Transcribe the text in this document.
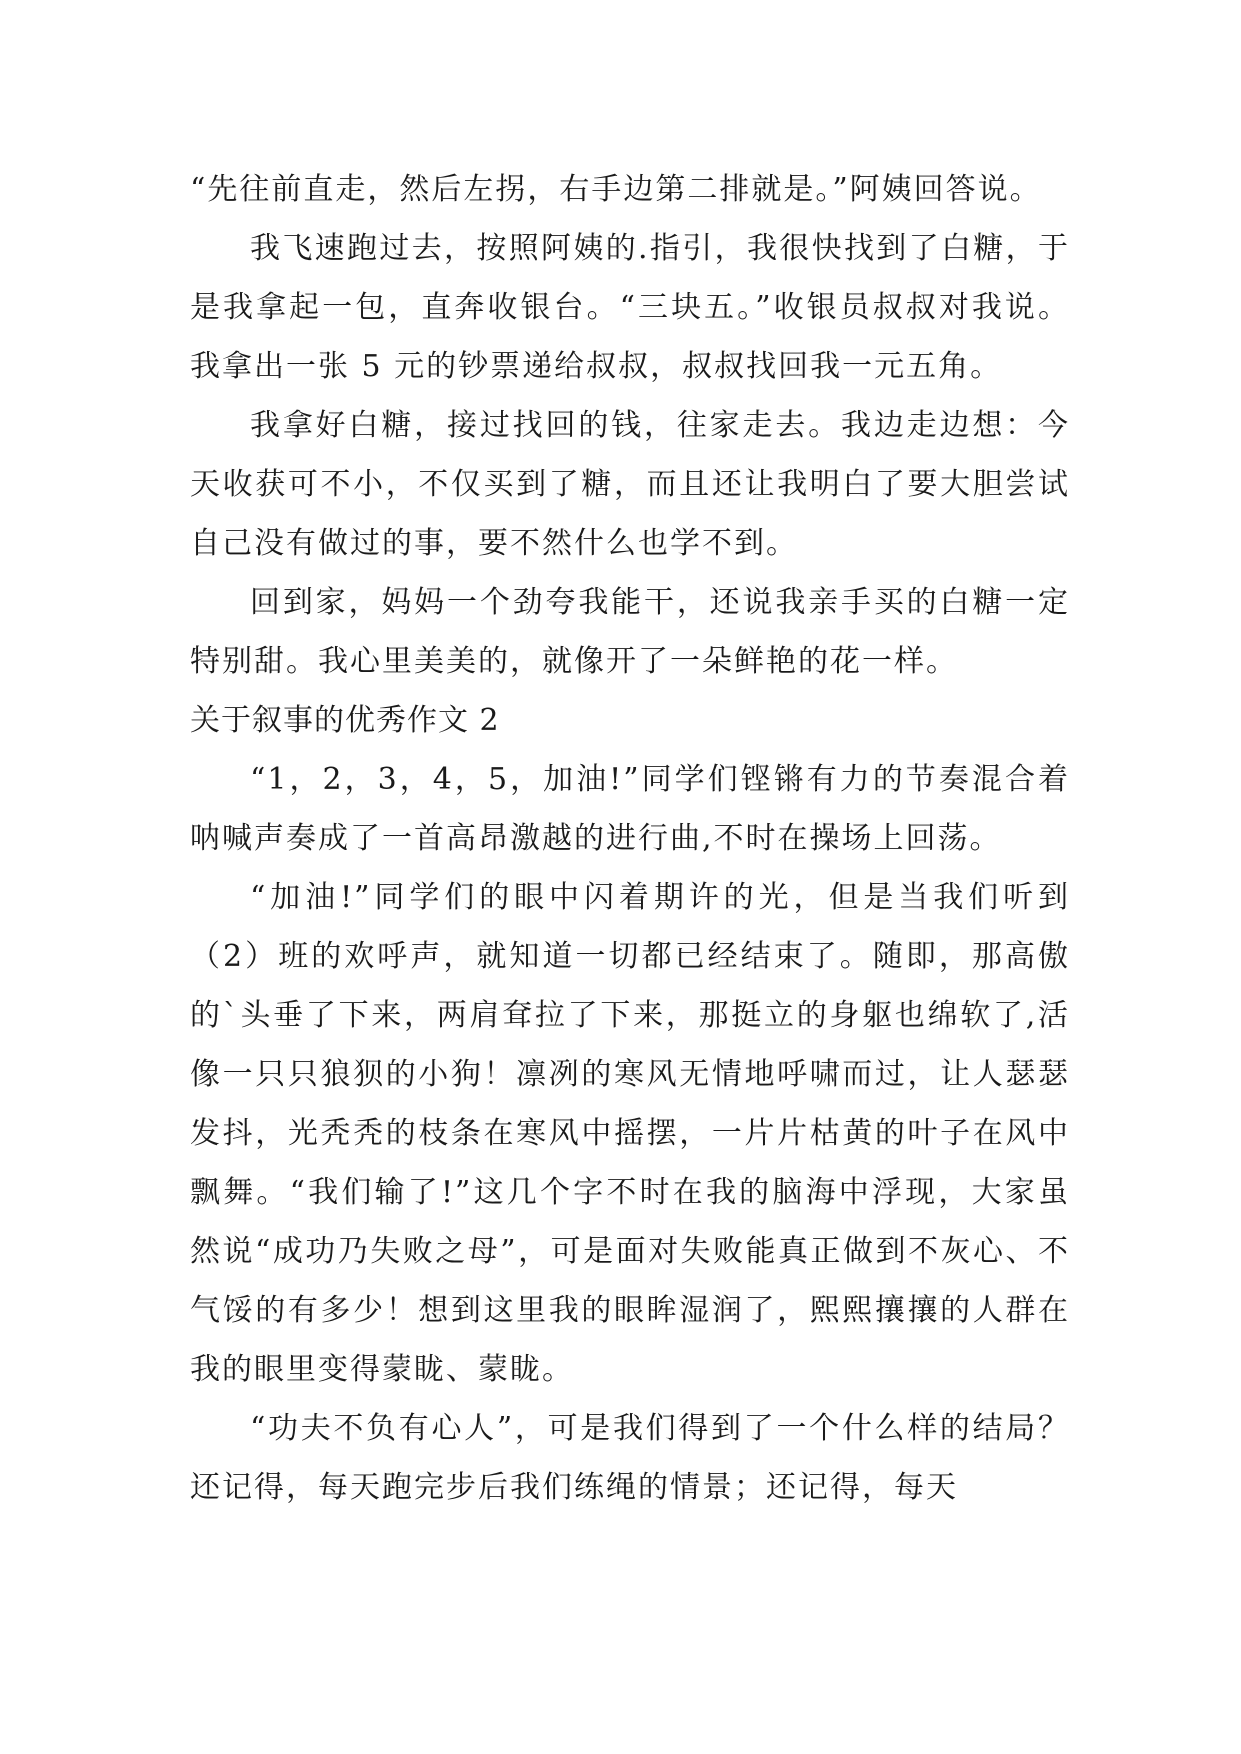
“先往前直走，然后左拐，右手边第二排就是。”阿姨回答说。

我飞速跑过去，按照阿姨的.指引，我很快找到了白糖，于是我拿起一包，直奔收银台。“三块五。”收银员叔叔对我说。我拿出一张 5 元的钞票递给叔叔，叔叔找回我一元五角。

我拿好白糖，接过找回的钱，往家走去。我边走边想：今天收获可不小，不仅买到了糖，而且还让我明白了要大胆尝试自己没有做过的事，要不然什么也学不到。

回到家，妈妈一个劲夸我能干，还说我亲手买的白糖一定特别甜。我心里美美的，就像开了一朵鲜艳的花一样。

关于叙事的优秀作文 2

“1，2，3，4，5，加油!”同学们铿锵有力的节奏混合着呐喊声奏成了一首高昂激越的进行曲,不时在操场上回荡。

“加油!”同学们的眼中闪着期许的光，但是当我们听到（2）班的欢呼声，就知道一切都已经结束了。随即，那高傲的`头垂了下来，两肩耷拉了下来，那挺立的身躯也绵软了,活像一只只狼狈的小狗！凛冽的寒风无情地呼啸而过，让人瑟瑟发抖，光秃秃的枝条在寒风中摇摆，一片片枯黄的叶子在风中飘舞。“我们输了!”这几个字不时在我的脑海中浮现，大家虽然说“成功乃失败之母”，可是面对失败能真正做到不灰心、不气馁的有多少！想到这里我的眼眸湿润了，熙熙攘攘的人群在我的眼里变得蒙眬、蒙眬。

“功夫不负有心人”，可是我们得到了一个什么样的结局？还记得，每天跑完步后我们练绳的情景；还记得，每天
